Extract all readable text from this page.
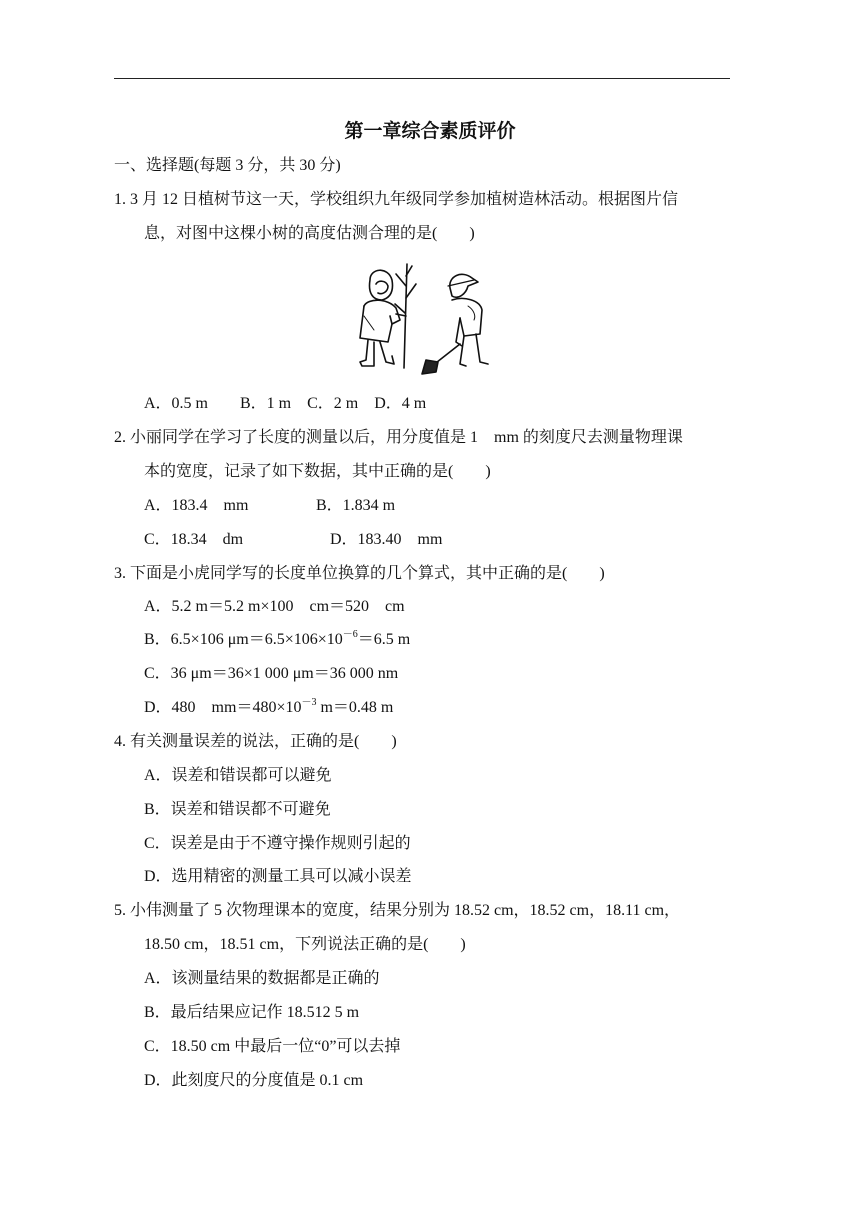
第一章综合素质评价
一、选择题(每题 3 分，共 30 分)
1. 3 月 12 日植树节这一天，学校组织九年级同学参加植树造林活动。根据图片信
息，对图中这棵小树的高度估测合理的是(　　)
A．0.5 m　　B．1 m　C．2 m　D．4 m
2. 小丽同学在学习了长度的测量以后，用分度值是 1　mm 的刻度尺去测量物理课
本的宽度，记录了如下数据，其中正确的是(　　)
A．183.4　mm	B．1.834 m
C．18.34　dm	D．183.40　mm
3. 下面是小虎同学写的长度单位换算的几个算式，其中正确的是(　　)
A．5.2 m＝5.2 m×100　cm＝520　cm
B．6.5×106 $\mu m=6.5\times 106\times 10^{-6}=6.5$ m
C．36 μm＝36×1 000 μm＝36 000 nm
D．480　$mm=480\times 10^{-3}$ m＝0.48 m
4. 有关测量误差的说法，正确的是(　　)
A．误差和错误都可以避免
B．误差和错误都不可避免
C．误差是由于不遵守操作规则引起的
D．选用精密的测量工具可以减小误差
5. 小伟测量了 5 次物理课本的宽度，结果分别为 18.52 cm，18.52 cm，18.11 cm，
18.50 cm，18.51 cm，下列说法正确的是(　　)
A．该测量结果的数据都是正确的
B．最后结果应记作 18.512 5 m
C．18.50 cm 中最后一位“0”可以去掉
D．此刻度尺的分度值是 0.1 cm
